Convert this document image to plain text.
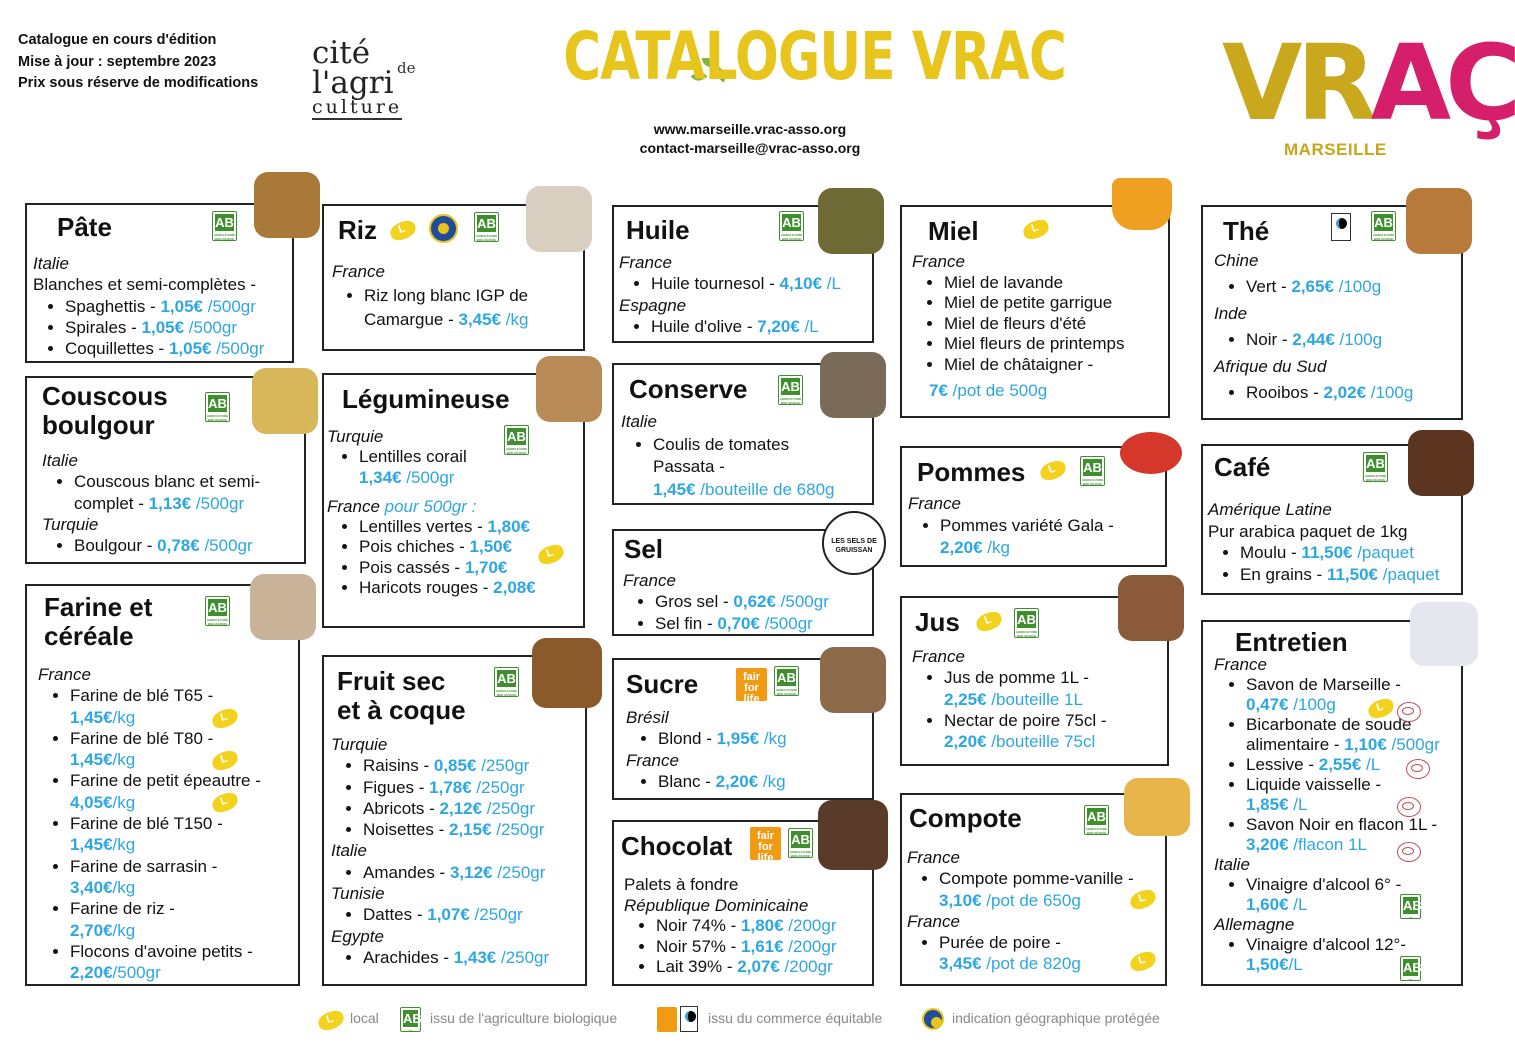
Catalogue en cours d'édition
Mise à jour : septembre 2023
Prix sous réserve de modifications
cité	de
l'agri
culture
CATALOGUE VRAC
www.marseille.vrac-asso.org
contact-marseille@vrac-asso.org
VRAÇ
MARSEILLE
Pâte	AB AGRICULTURE BIOLOGIQUE
Italie
Blanches et semi-complètes -
• Spaghettis - 1,05€ /500gr
• Spirales - 1,05€ /500gr
• Coquillettes - 1,05€ /500gr
Couscous
boulgour	AB AGRICULTURE BIOLOGIQUE
Italie
• Couscous blanc et semi-
complet - 1,13€ /500gr
Turquie
• Boulgour - 0,78€ /500gr
Farine et
céréale
AB AGRICULTURE BIOLOGIQUE
France
• Farine de blé T65 -
1,45€/kg
• Farine de blé T80 -
1,45€/kg
• Farine de petit épeautre -
4,05€/kg
• Farine de blé T150 -
1,45€/kg
• Farine de sarrasin -
3,40€/kg
• Farine de riz -
2,70€/kg
• Flocons d'avoine petits -
2,20€/500gr
L
L
L
Riz L	AB AGRICULTURE BIOLOGIQUE
France
• Riz long blanc IGP de
Camargue - 3,45€ /kg
Légumineuse
Turquie
• Lentilles corail
1,34€ /500gr
France pour 500gr :
• Lentilles vertes - 1,80€
• Pois chiches - 1,50€
• Pois cassés - 1,70€
• Haricots rouges - 2,08€
AB AGRICULTURE BIOLOGIQUE
L
Fruit sec
et à coque
AB AGRICULTURE BIOLOGIQUE
Turquie
• Raisins - 0,85€ /250gr
• Figues - 1,78€ /250gr
• Abricots - 2,12€ /250gr
• Noisettes - 2,15€ /250gr
Italie
• Amandes - 3,12€ /250gr
Tunisie
• Dattes - 1,07€ /250gr
Egypte
• Arachides - 1,43€ /250gr
Huile	AB AGRICULTURE BIOLOGIQUE
France
• Huile tournesol - 4,10€ /L
Espagne
• Huile d'olive - 7,20€ /L
Conserve	AB AGRICULTURE BIOLOGIQUE
Italie
• Coulis de tomates
Passata -
1,45€ /bouteille de 680g
Sel
France
• Gros sel - 0,62€ /500gr
• Sel fin - 0,70€ /500gr
LES SELS DE GRUISSAN
Sucre	fair for life
AB AGRICULTURE BIOLOGIQUE
Brésil
• Blond - 1,95€ /kg
France
• Blanc - 2,20€ /kg
Chocolat	fair for life	AB AGRICULTURE BIOLOGIQUE
Palets à fondre
République Dominicaine
• Noir 74% - 1,80€ /200gr
• Noir 57% - 1,61€ /200gr
• Lait 39% - 2,07€ /200gr
Miel
L
France
• Miel de lavande
• Miel de petite garrigue
• Miel de fleurs d'été
• Miel fleurs de printemps
• Miel de châtaigner -
7€ /pot de 500g
Pommes L	AB AGRICULTURE BIOLOGIQUE
France
• Pommes variété Gala -
2,20€ /kg
Jus L	AB AGRICULTURE BIOLOGIQUE
France
• Jus de pomme 1L -
2,25€ /bouteille 1L
• Nectar de poire 75cl -
2,20€ /bouteille 75cl
Compote	AB AGRICULTURE BIOLOGIQUE
France
• Compote pomme-vanille -
3,10€ /pot de 650g
France
• Purée de poire -
3,45€ /pot de 820g
L
L
Thé	AB AGRICULTURE BIOLOGIQUE
Chine
• Vert - 2,65€ /100g
Inde
• Noir - 2,44€ /100g
Afrique du Sud
• Rooibos - 2,02€ /100g
Café	AB AGRICULTURE BIOLOGIQUE
Amérique Latine
Pur arabica paquet de 1kg
• Moulu - 11,50€ /paquet
• En grains - 11,50€ /paquet
Entretien
France
• Savon de Marseille -
0,47€ /100g
• Bicarbonate de soude
alimentaire - 1,10€ /500gr
• Lessive - 2,55€ /L
• Liquide vaisselle -
1,85€ /L
• Savon Noir en flacon 1L -
3,20€ /flacon 1L
Italie
• Vinaigre d'alcool 6° -
1,60€ /L
Allemagne
• Vinaigre d'alcool 12°-
1,50€/L
L
AB AB
AB AB
L
local
AB AB
issu de l'agriculture biologique	issu du commerce équitable	indication géographique protégée
